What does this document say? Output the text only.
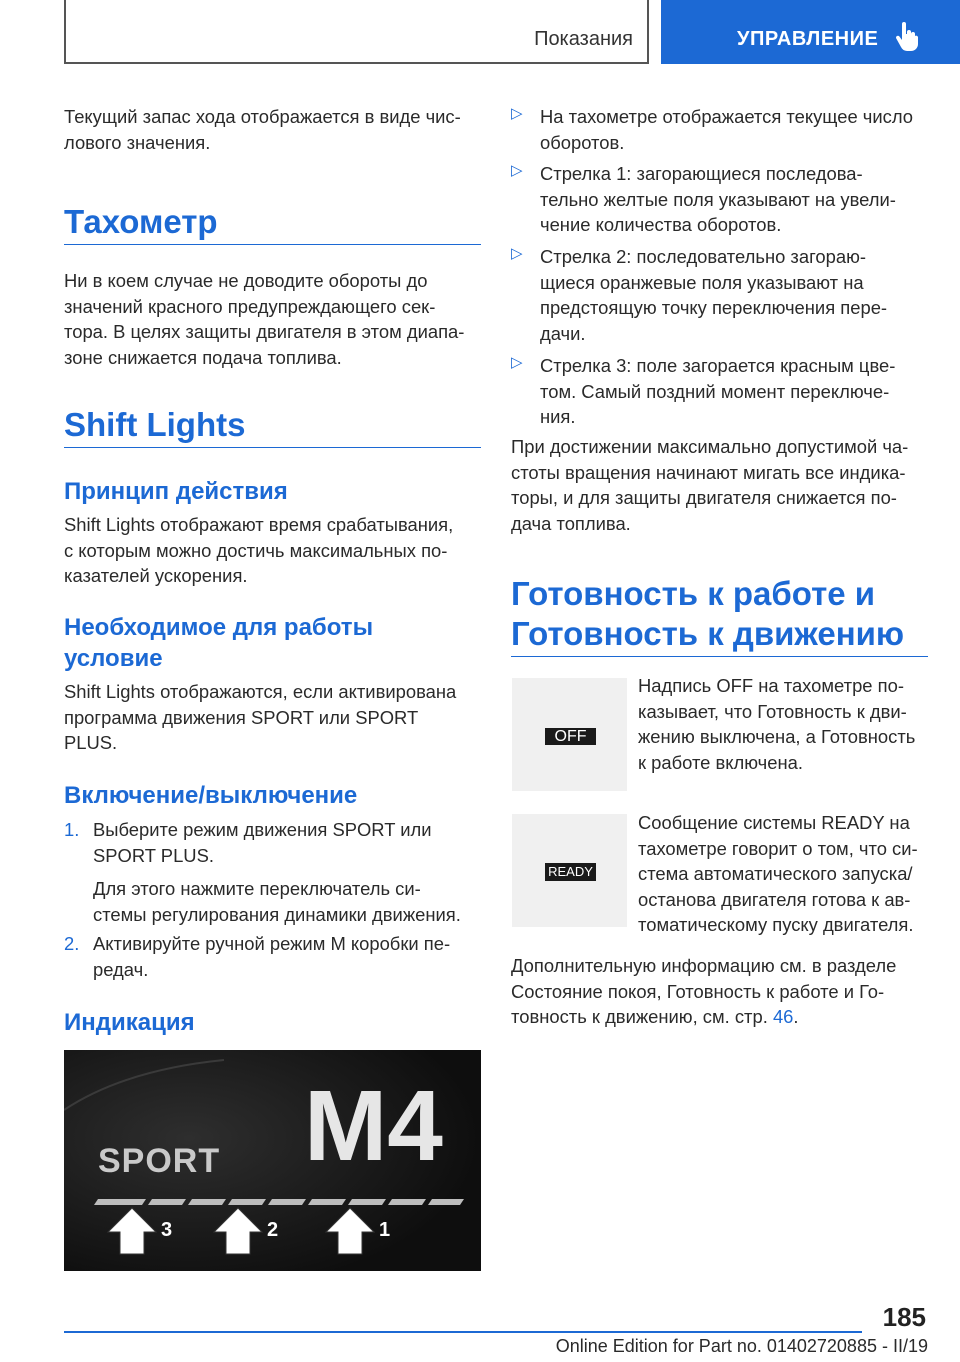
Показания	УПРАВЛЕНИЕ

Текущий запас хода отображается в виде чис-
лового значения.

Тахометр

Ни в коем случае не доводите обороты до
значений красного предупреждающего сек-
тора. В целях защиты двигателя в этом диапа-
зоне снижается подача топлива.

Shift Lights
Принцип действия

Shift Lights отображают время срабатывания,
с которым можно достичь максимальных по-
казателей ускорения.

Необходимое для работы
условие

Shift Lights отображаются, если активирована
программа движения SPORT или SPORT
PLUS.

Включение/выключение
1. Выберите режим движения SPORT или
SPORT PLUS.

Для этого нажмите переключатель си-
стемы регулирования динамики движения.

2. Активируйте ручной режим M коробки пе-
редач.

Индикация
SPORT M4
3	2	1
▷ На тахометре отображается текущее число
оборотов.

▷ Стрелка 1: загорающиеся последова-
тельно желтые поля указывают на увели-
чение количества оборотов.

▷ Стрелка 2: последовательно загораю-
щиеся оранжевые поля указывают на
предстоящую точку переключения пере-
дачи.

▷ Стрелка 3: поле загорается красным цве-
том. Самый поздний момент переключе-
ния.

При достижении максимально допустимой ча-
стоты вращения начинают мигать все индика-
торы, и для защиты двигателя снижается по-
дача топлива.

Готовность к работе и
Готовность к движению
OFF

Надпись OFF на тахометре по-
казывает, что Готовность к дви-
жению выключена, а Готовность
к работе включена.

READY

Сообщение системы READY на
тахометре говорит о том, что си-
стема автоматического запуска/
останова двигателя готова к ав-
томатическому пуску двигателя.

Дополнительную информацию см. в разделе
Состояние покоя, Готовность к работе и Го-
товность к движению, см. стр. 46.

185
Online Edition for Part no. 01402720885 - II/19
